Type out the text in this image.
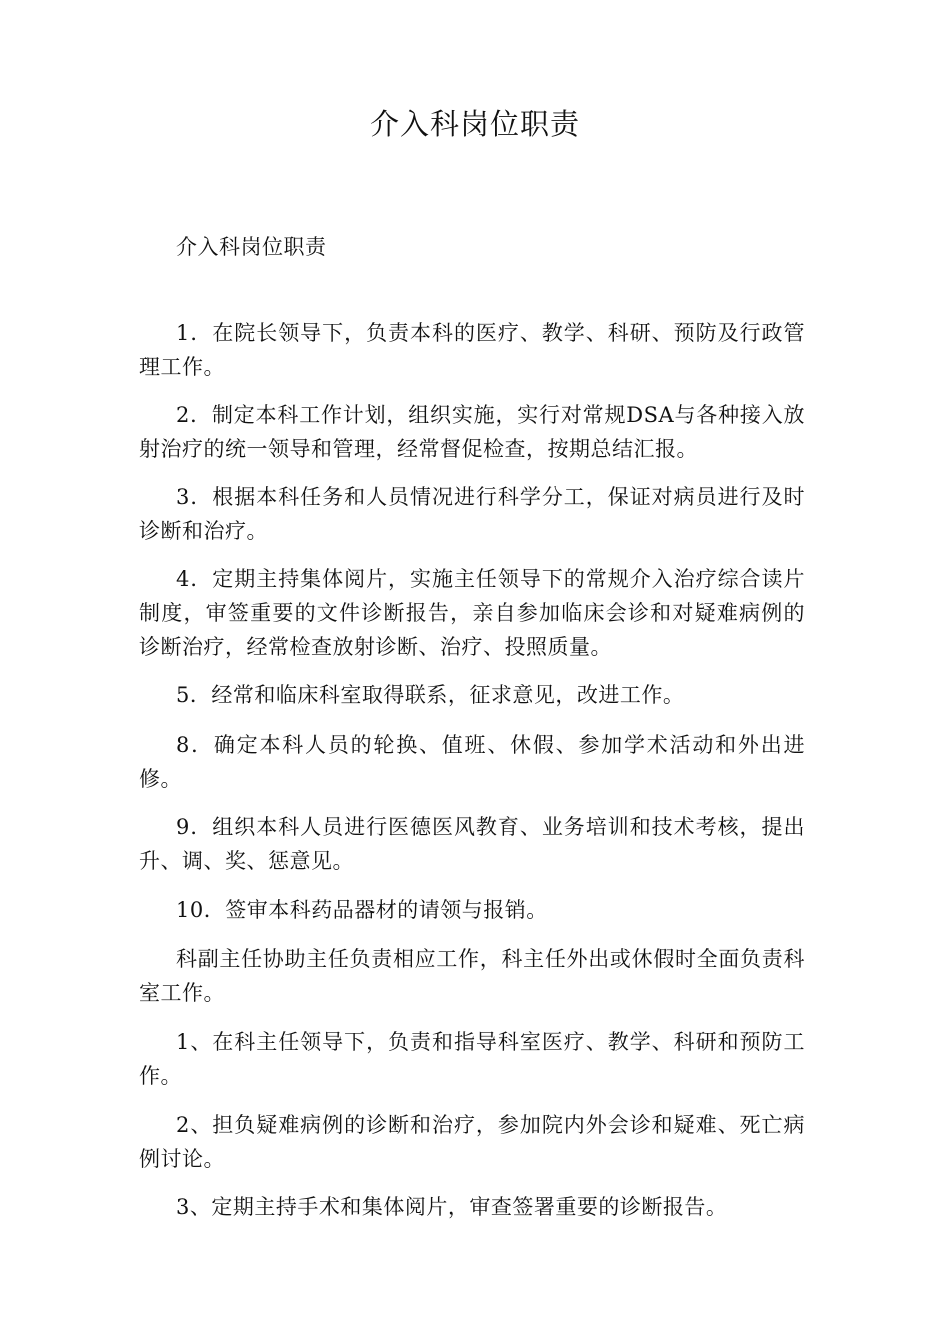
介入科岗位职责

介入科岗位职责

1．在院长领导下，负责本科的医疗、教学、科研、预防及行政管理工作。

2．制定本科工作计划，组织实施，实行对常规DSA与各种接入放射治疗的统一领导和管理，经常督促检查，按期总结汇报。

3．根据本科任务和人员情况进行科学分工，保证对病员进行及时诊断和治疗。

4．定期主持集体阅片，实施主任领导下的常规介入治疗综合读片制度，审签重要的文件诊断报告，亲自参加临床会诊和对疑难病例的诊断治疗，经常检查放射诊断、治疗、投照质量。

5．经常和临床科室取得联系，征求意见，改进工作。

8．确定本科人员的轮换、值班、休假、参加学术活动和外出进修。

9．组织本科人员进行医德医风教育、业务培训和技术考核，提出升、调、奖、惩意见。

10．签审本科药品器材的请领与报销。

科副主任协助主任负责相应工作，科主任外出或休假时全面负责科室工作。

1、在科主任领导下，负责和指导科室医疗、教学、科研和预防工作。

2、担负疑难病例的诊断和治疗，参加院内外会诊和疑难、死亡病例讨论。

3、定期主持手术和集体阅片，审查签署重要的诊断报告。
